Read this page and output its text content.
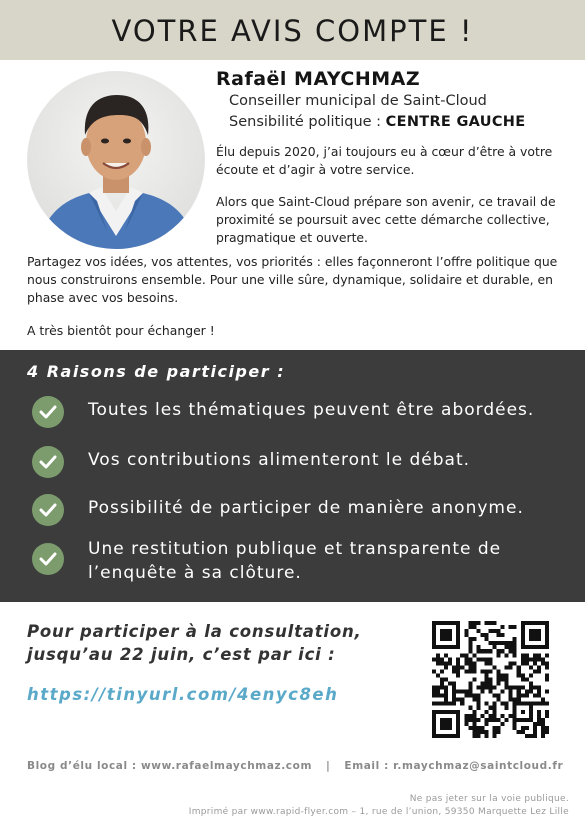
VOTRE AVIS COMPTE !
Rafaël MAYCHMAZ
Conseiller municipal de Saint-Cloud
Sensibilité politique : CENTRE GAUCHE
Élu depuis 2020, j’ai toujours eu à cœur d’être à votre écoute et d’agir à votre service.
Alors que Saint-Cloud prépare son avenir, ce travail de proximité se poursuit avec cette démarche collective, pragmatique et ouverte.
Partagez vos idées, vos attentes, vos priorités : elles façonneront l’offre politique que nous construirons ensemble. Pour une ville sûre, dynamique, solidaire et durable, en phase avec vos besoins.
A très bientôt pour échanger !
4 Raisons de participer :
Toutes les thématiques peuvent être abordées.
Vos contributions alimenteront le débat.
Possibilité de participer de manière anonyme.
Une restitution publique et transparente de l’enquête à sa clôture.
Pour participer à la consultation,
jusqu’au 22 juin, c’est par ici :
https://tinyurl.com/4enyc8eh
Blog d’élu local : www.rafaelmaychmaz.com | Email : r.maychmaz@saintcloud.fr
Ne pas jeter sur la voie publique.
Imprimé par www.rapid-flyer.com – 1, rue de l’union, 59350 Marquette Lez Lille
